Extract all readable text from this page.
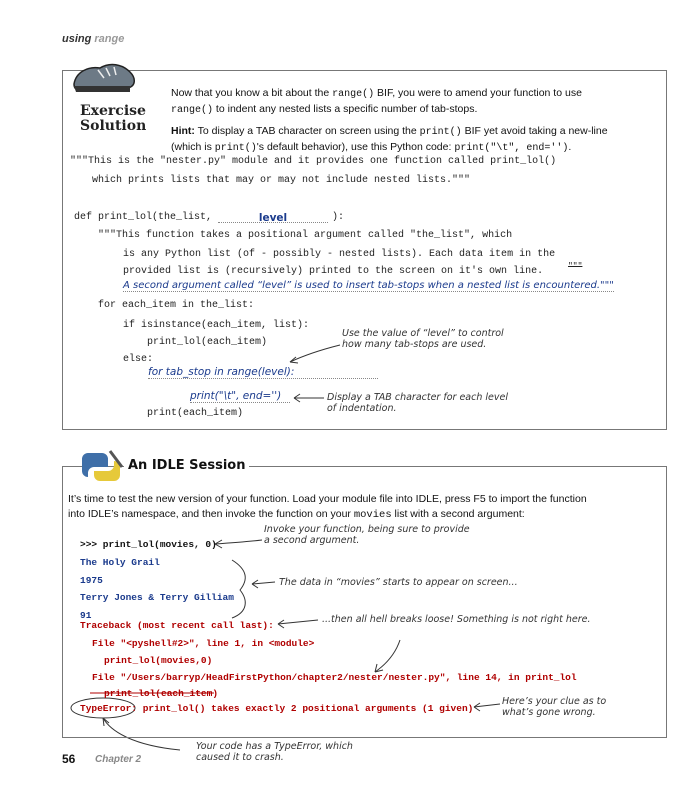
using range
Exercise
Solution
Now that you know a bit about the range() BIF, you were to amend your function to use
range() to indent any nested lists a specific number of tab-stops.
Hint: To display a TAB character on screen using the print() BIF yet avoid taking a new-line
(which is print()'s default behavior), use this Python code: print("\t", end='').
"""This is the "nester.py" module and it provides one function called print_lol()
which prints lists that may or may not include nested lists."""
def print_lol(the_list,	level	):
"""This function takes a positional argument called "the_list", which
is any Python list (of - possibly - nested lists). Each data item in the
provided list is (recursively) printed to the screen on it's own line.	"""
A second argument called “level” is used to insert tab-stops when a nested list is encountered."""
for each_item in the_list:
if isinstance(each_item, list):
print_lol(each_item)
else:
for tab_stop in range(level):
print("\t", end='')
print(each_item)
Use the value of “level” to control
how many tab-stops are used.
Display a TAB character for each level
of indentation.
An IDLE Session
It’s time to test the new version of your function. Load your module file into IDLE, press F5 to import the function
into IDLE’s namespace, and then invoke the function on your movies list with a second argument:
>>> print_lol(movies, 0)
The Holy Grail
1975
Terry Jones & Terry Gilliam
91
Traceback (most recent call last):
File "<pyshell#2>", line 1, in <module>
print_lol(movies,0)
File "/Users/barryp/HeadFirstPython/chapter2/nester/nester.py", line 14, in print_lol
print_lol(each_item)
TypeError: print_lol() takes exactly 2 positional arguments (1 given)
Invoke your function, being sure to provide
a second argument.
The data in “movies” starts to appear on screen...
...then all hell breaks loose! Something is not right here.
Here’s your clue as to
what’s gone wrong.
Your code has a TypeError, which
caused it to crash.
56 Chapter 2
